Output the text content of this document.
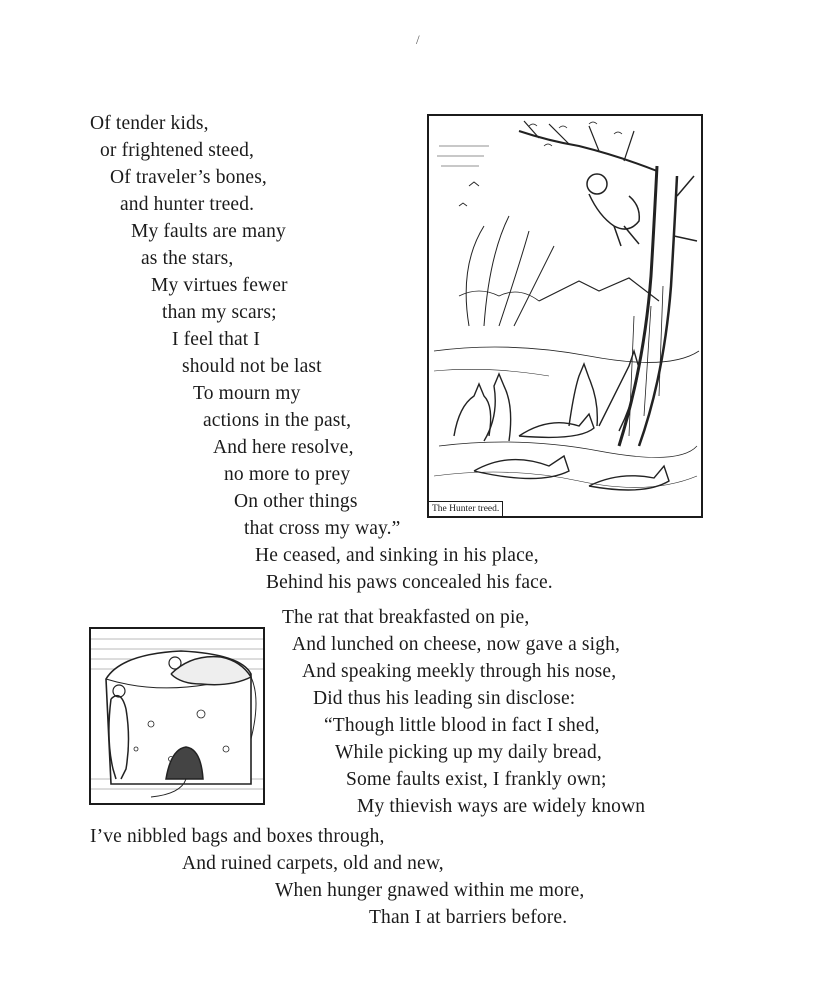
/
Of tender kids,
or frightened steed,
Of traveler’s bones,
and hunter treed.
My faults are many
as the stars,
My virtues fewer
than my scars;
I feel that I
should not be last
To mourn my
actions in the past,
And here resolve,
no more to prey
On other things
that cross my way.”
He ceased, and sinking in his place,
Behind his paws concealed his face.
The rat that breakfasted on pie,
And lunched on cheese, now gave a sigh,
And speaking meekly through his nose,
Did thus his leading sin disclose:
“Though little blood in fact I shed,
While picking up my daily bread,
Some faults exist, I frankly own;
My thievish ways are widely known
I’ve nibbled bags and boxes through,
And ruined carpets, old and new,
When hunger gnawed within me more,
Than I at barriers before.
The Hunter treed.
